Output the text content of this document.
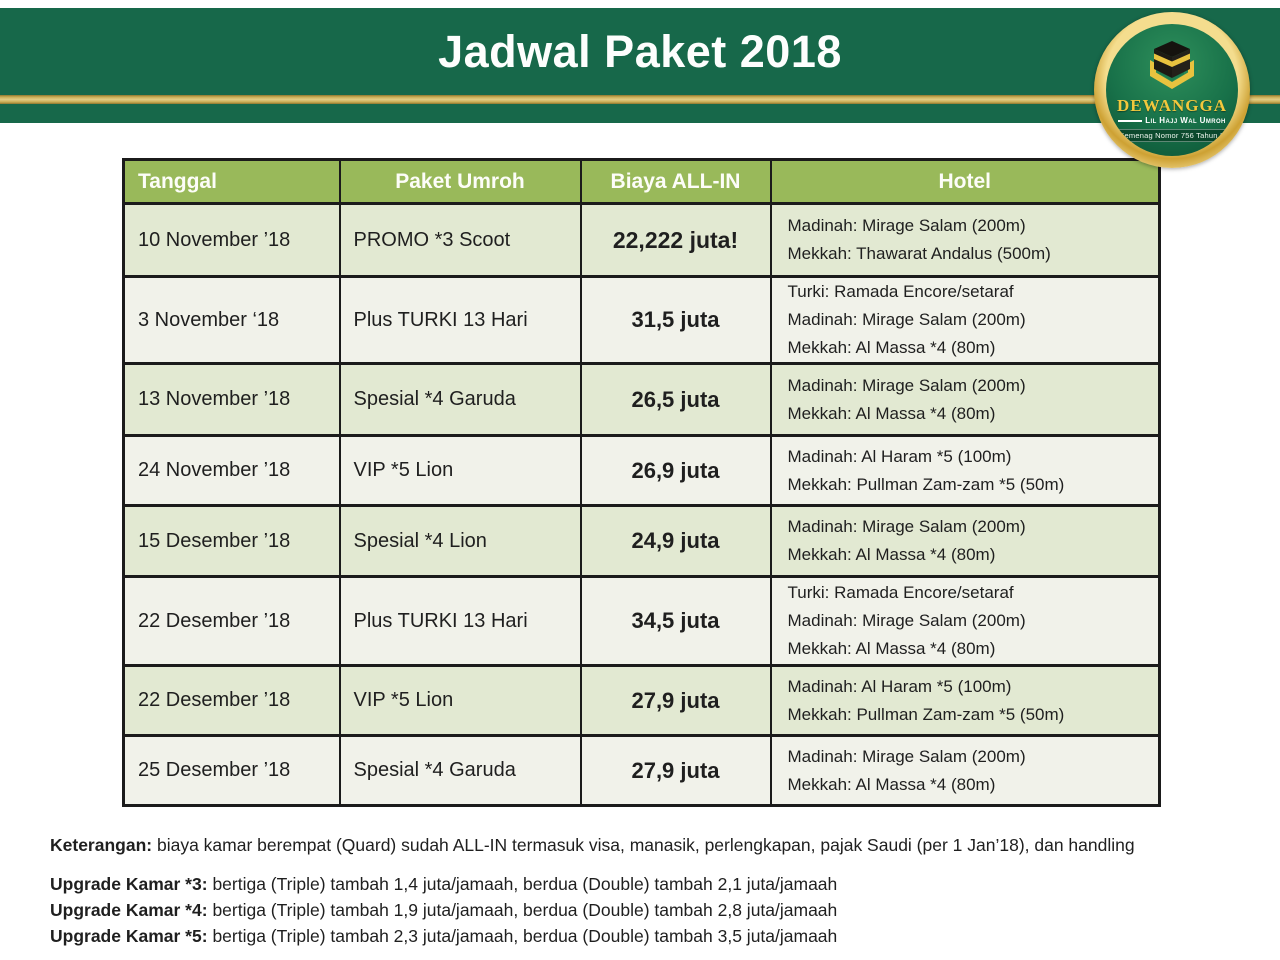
Jadwal Paket 2018
DEWANGGA
Lil Hajj Wal Umroh
Ijin Kemenag Nomor 756 Tahun 2016
Tanggal	Paket Umroh	Biaya ALL-IN	Hotel
10 November ’18	PROMO *3 Scoot	22,222 juta!	Madinah: Mirage Salam (200m)
Mekkah: Thawarat Andalus (500m)

3 November ‘18	Plus TURKI 13 Hari	31,5 juta	Turki: Ramada Encore/setaraf
Madinah: Mirage Salam (200m)
Mekkah: Al Massa *4 (80m)

13 November ’18	Spesial *4 Garuda	26,5 juta	Madinah: Mirage Salam (200m)
Mekkah: Al Massa *4 (80m)

24 November ’18	VIP *5 Lion	26,9 juta	Madinah: Al Haram *5 (100m)
Mekkah: Pullman Zam-zam *5 (50m)

15 Desember ’18	Spesial *4 Lion	24,9 juta	Madinah: Mirage Salam (200m)
Mekkah: Al Massa *4 (80m)

22 Desember ’18	Plus TURKI 13 Hari	34,5 juta	Turki: Ramada Encore/setaraf
Madinah: Mirage Salam (200m)
Mekkah: Al Massa *4 (80m)

22 Desember ’18	VIP *5 Lion	27,9 juta	Madinah: Al Haram *5 (100m)
Mekkah: Pullman Zam-zam *5 (50m)

25 Desember ’18	Spesial *4 Garuda	27,9 juta	Madinah: Mirage Salam (200m)
Mekkah: Al Massa *4 (80m)

Keterangan: biaya kamar berempat (Quard) sudah ALL-IN termasuk visa, manasik, perlengkapan, pajak Saudi (per 1 Jan’18), dan handling

Upgrade Kamar *3: bertiga (Triple) tambah 1,4 juta/jamaah, berdua (Double) tambah 2,1 juta/jamaah

Upgrade Kamar *4: bertiga (Triple) tambah 1,9 juta/jamaah, berdua (Double) tambah 2,8 juta/jamaah

Upgrade Kamar *5: bertiga (Triple) tambah 2,3 juta/jamaah, berdua (Double) tambah 3,5 juta/jamaah
